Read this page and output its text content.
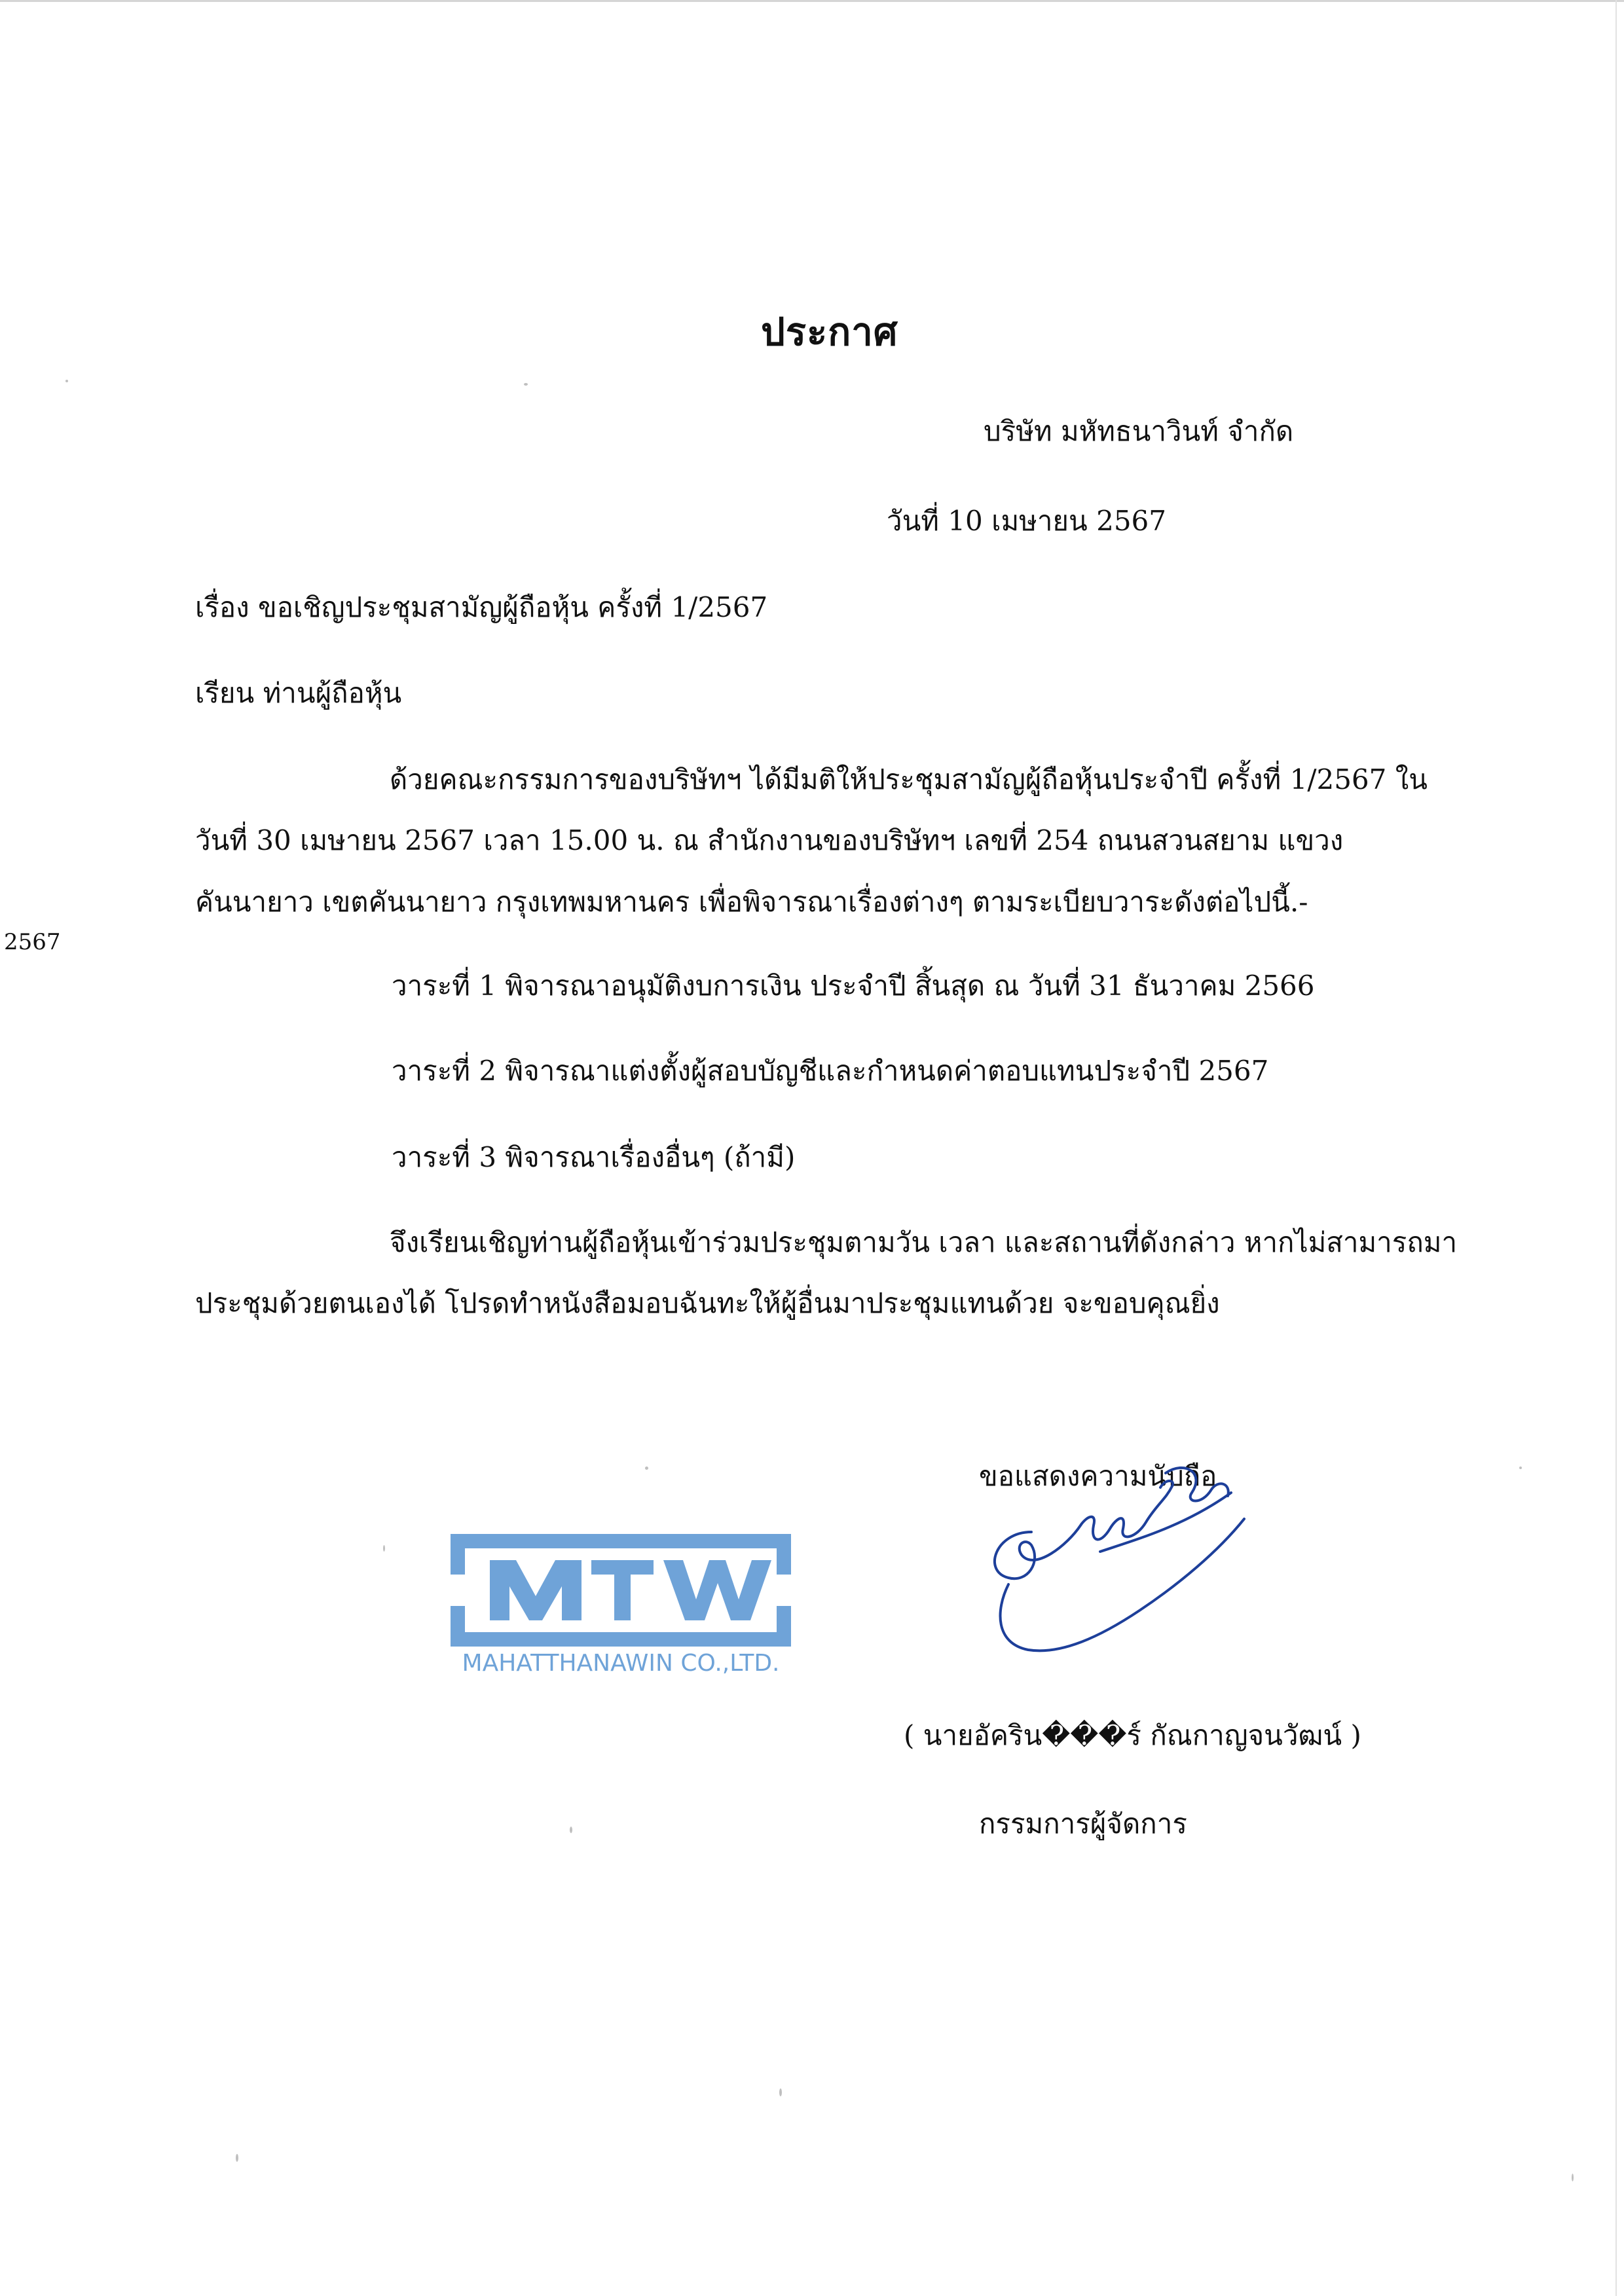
ประกาศ
บริษัท มหัทธนาวินท์ จำกัด
วันที่ 10 เมษายน 2567
เรื่อง ขอเชิญประชุมสามัญผู้ถือหุ้น ครั้งที่ 1/2567
เรียน ท่านผู้ถือหุ้น
ด้วยคณะกรรมการของบริษัทฯ ได้มีมติให้ประชุมสามัญผู้ถือหุ้นประจำปี ครั้งที่ 1/2567 ใน
วันที่ 30 เมษายน 2567 เวลา 15.00 น. ณ สำนักงานของบริษัทฯ เลขที่ 254 ถนนสวนสยาม แขวง
คันนายาว เขตคันนายาว กรุงเทพมหานคร เพื่อพิจารณาเรื่องต่างๆ ตามระเบียบวาระดังต่อไปนี้.-
2567
วาระที่ 1 พิจารณาอนุมัติงบการเงิน ประจำปี สิ้นสุด ณ วันที่ 31 ธันวาคม 2566
วาระที่ 2 พิจารณาแต่งตั้งผู้สอบบัญชีและกำหนดค่าตอบแทนประจำปี 2567
วาระที่ 3 พิจารณาเรื่องอื่นๆ (ถ้ามี)
จึงเรียนเชิญท่านผู้ถือหุ้นเข้าร่วมประชุมตามวัน เวลา และสถานที่ดังกล่าว หากไม่สามารถมา
ประชุมด้วยตนเองได้ โปรดทำหนังสือมอบฉันทะให้ผู้อื่นมาประชุมแทนด้วย จะขอบคุณยิ่ง
MAHATTHANAWIN CO.,LTD.
ขอแสดงความนับถือ
( นายอัคริน���ร์ กัณกาญจนวัฒน์ )
กรรมการผู้จัดการ
